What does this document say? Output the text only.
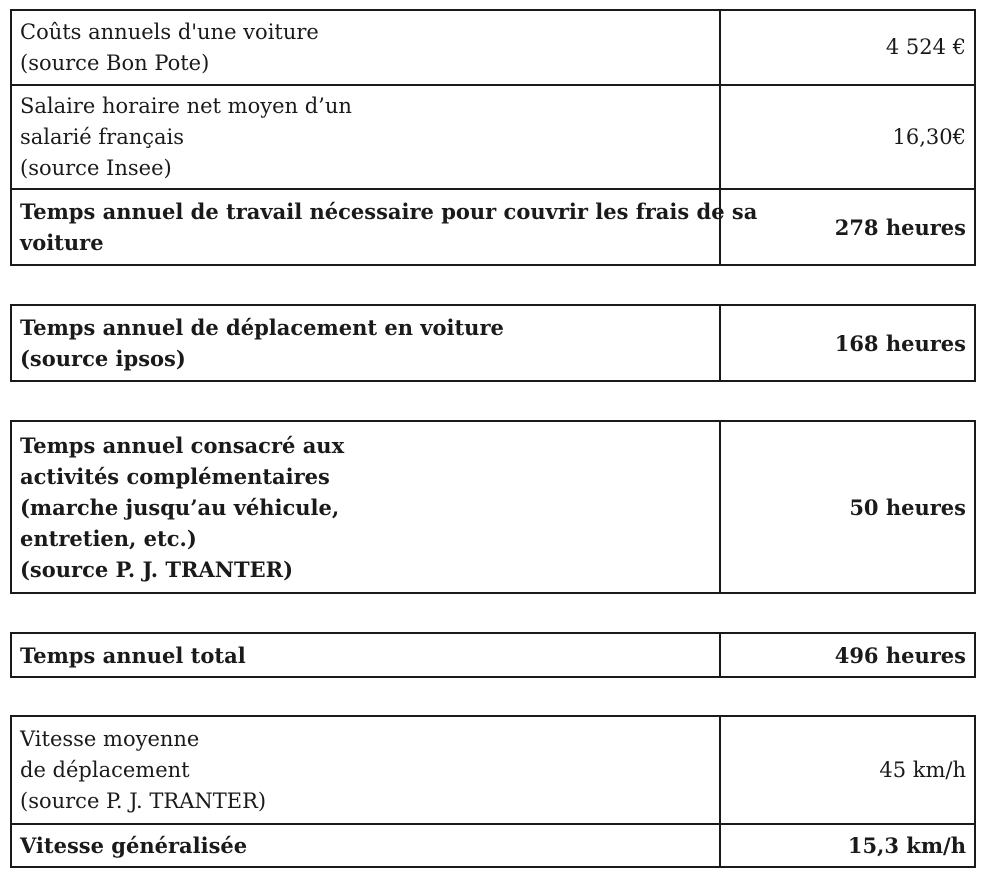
Coûts annuels d'une voiture
(source Bon Pote)	4 524 €

Salaire horaire net moyen d’un
salarié français
(source Insee)	16,30€

Temps annuel de travail nécessaire pour couvrir les frais de sa
voiture	278 heures
Temps annuel de déplacement en voiture
(source ipsos)
	168 heures
Temps annuel consacré aux
activités complémentaires
(marche jusqu’au véhicule,
entretien, etc.)
(source P. J. TRANTER)
	50 heures
Temps annuel total	496 heures
Vitesse moyenne
de déplacement
(source P. J. TRANTER)	45 km/h

Vitesse généralisée	15,3 km/h
